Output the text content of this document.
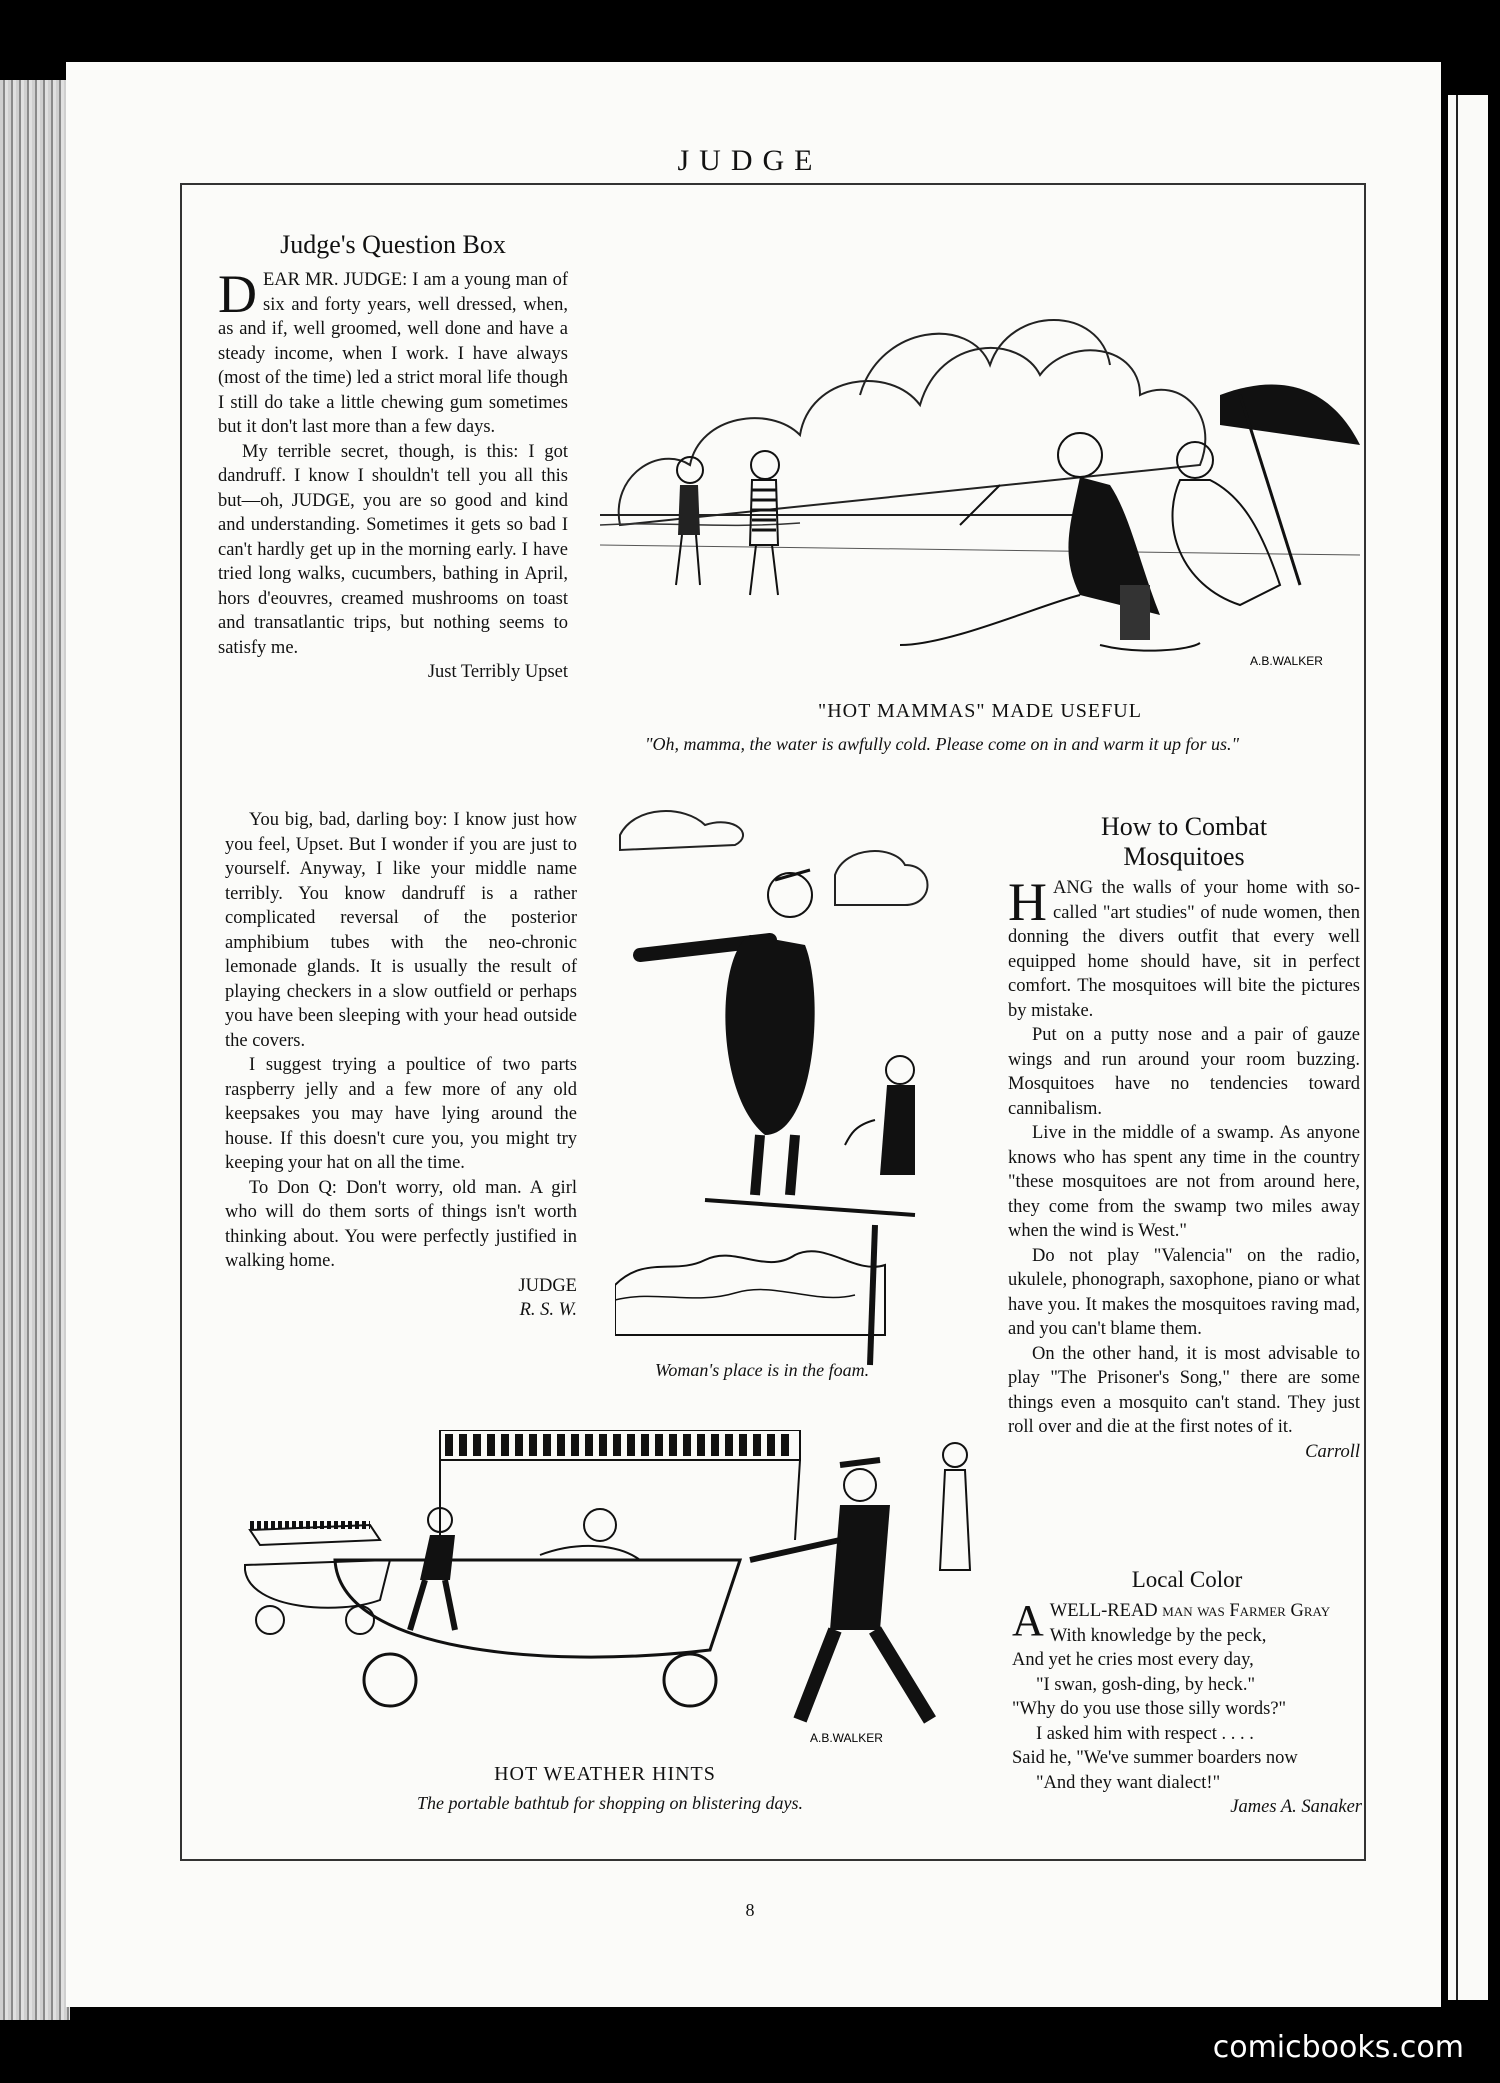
JUDGE
Judge's Question Box

DEAR MR. JUDGE: I am a young man of six and forty years, well dressed, when, as and if, well groomed, well done and have a steady income, when I work. I have always (most of the time) led a strict moral life though I still do take a little chewing gum sometimes but it don't last more than a few days.

My terrible secret, though, is this: I got dandruff. I know I shouldn't tell you all this but—oh, JUDGE, you are so good and kind and understanding. Sometimes it gets so bad I can't hardly get up in the morning early. I have tried long walks, cucumbers, bathing in April, hors d'eouvres, creamed mushrooms on toast and transatlantic trips, but nothing seems to satisfy me.

Just Terribly Upset

You big, bad, darling boy: I know just how you feel, Upset. But I wonder if you are just to yourself. Anyway, I like your middle name terribly. You know dandruff is a rather complicated reversal of the posterior amphibium tubes with the neo-chronic lemonade glands. It is usually the result of playing checkers in a slow outfield or perhaps you have been sleeping with your head outside the covers.

I suggest trying a poultice of two parts raspberry jelly and a few more of any old keepsakes you may have lying around the house. If this doesn't cure you, you might try keeping your hat on all the time.

To Don Q: Don't worry, old man. A girl who will do them sorts of things isn't worth thinking about. You were perfectly justified in walking home.

JUDGE

R. S. W.

A.B.WALKER
"HOT MAMMAS" MADE USEFUL
"Oh, mamma, the water is awfully cold. Please come on in and warm it up for us."
Woman's place is in the foam.
How to Combat
Mosquitoes

HANG the walls of your home with so-called "art studies" of nude women, then donning the divers outfit that every well equipped home should have, sit in perfect comfort. The mosquitoes will bite the pictures by mistake.

Put on a putty nose and a pair of gauze wings and run around your room buzzing. Mosquitoes have no tendencies toward cannibalism.

Live in the middle of a swamp. As anyone knows who has spent any time in the country "these mosquitoes are not from around here, they come from the swamp two miles away when the wind is West."

Do not play "Valencia" on the radio, ukulele, phonograph, saxophone, piano or what have you. It makes the mosquitoes raving mad, and you can't blame them.

On the other hand, it is most advisable to play "The Prisoner's Song," there are some things even a mosquito can't stand. They just roll over and die at the first notes of it.

Carroll

Local Color

AWELL-READ man was Farmer Gray

With knowledge by the peck,

And yet he cries most every day,

"I swan, gosh-ding, by heck."

"Why do you use those silly words?"

I asked him with respect . . . .

Said he, "We've summer boarders now

"And they want dialect!"

James A. Sanaker

A.B.WALKER
HOT WEATHER HINTS
The portable bathtub for shopping on blistering days.
8
comicbooks.com
